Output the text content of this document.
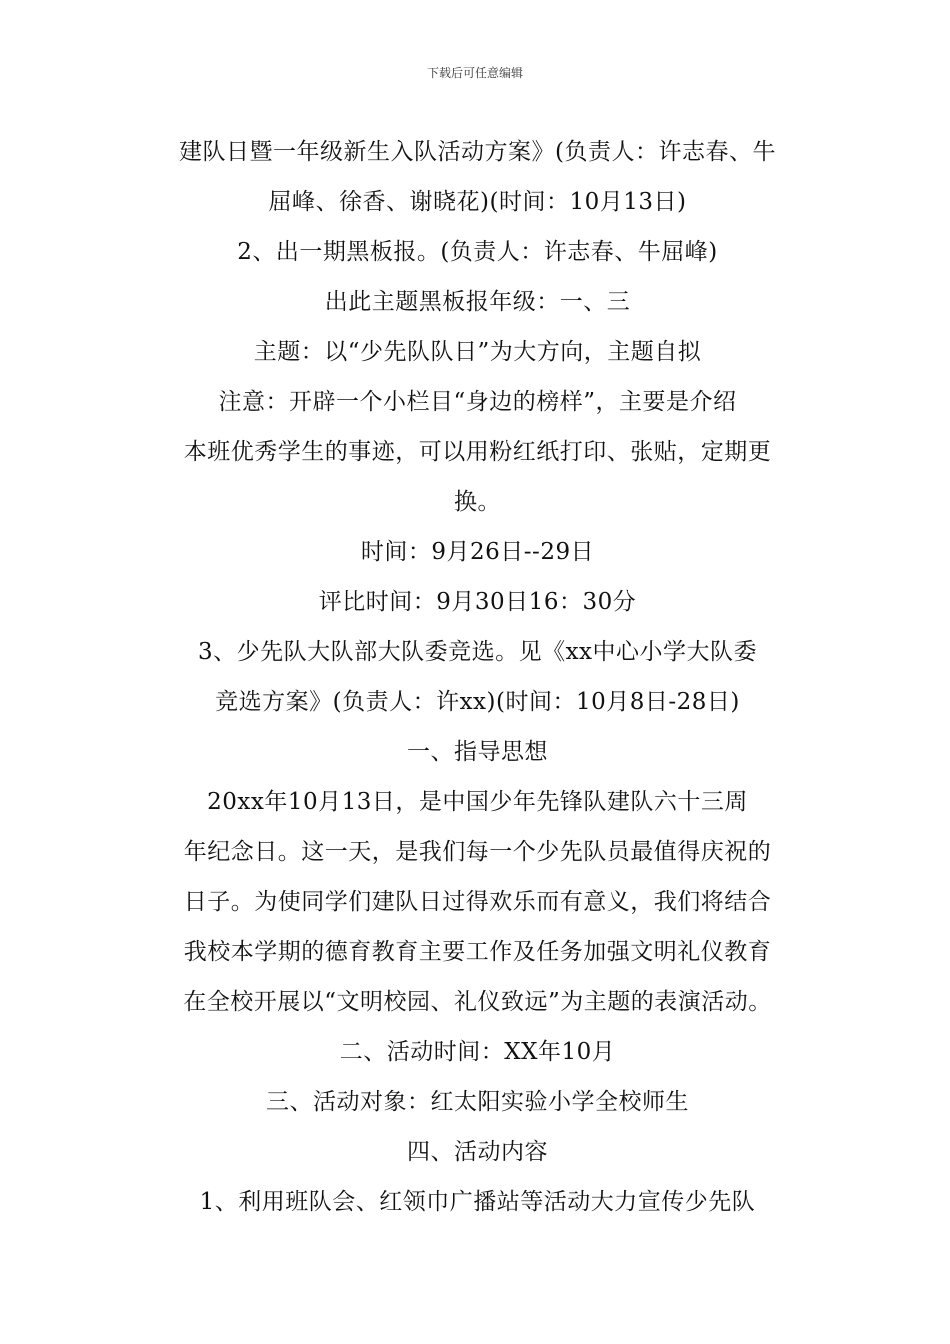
下载后可任意编辑
建队日暨一年级新生入队活动方案》(负责人：许志春、牛
屈峰、徐香、谢晓花)(时间：10月13日)
2、出一期黑板报。(负责人：许志春、牛屈峰)
出此主题黑板报年级：一、三
主题：以“少先队队日”为大方向，主题自拟
注意：开辟一个小栏目“身边的榜样”，主要是介绍
本班优秀学生的事迹，可以用粉红纸打印、张贴，定期更
换。
时间：9月26日--29日
评比时间：9月30日16：30分
3、少先队大队部大队委竞选。见《xx中心小学大队委
竞选方案》(负责人：许xx)(时间：10月8日-28日)
一、指导思想
20xx年10月13日，是中国少年先锋队建队六十三周
年纪念日。这一天，是我们每一个少先队员最值得庆祝的
日子。为使同学们建队日过得欢乐而有意义，我们将结合
我校本学期的德育教育主要工作及任务加强文明礼仪教育
在全校开展以“文明校园、礼仪致远”为主题的表演活动。
二、活动时间：XX年10月
三、活动对象：红太阳实验小学全校师生
四、活动内容
1、利用班队会、红领巾广播站等活动大力宣传少先队
